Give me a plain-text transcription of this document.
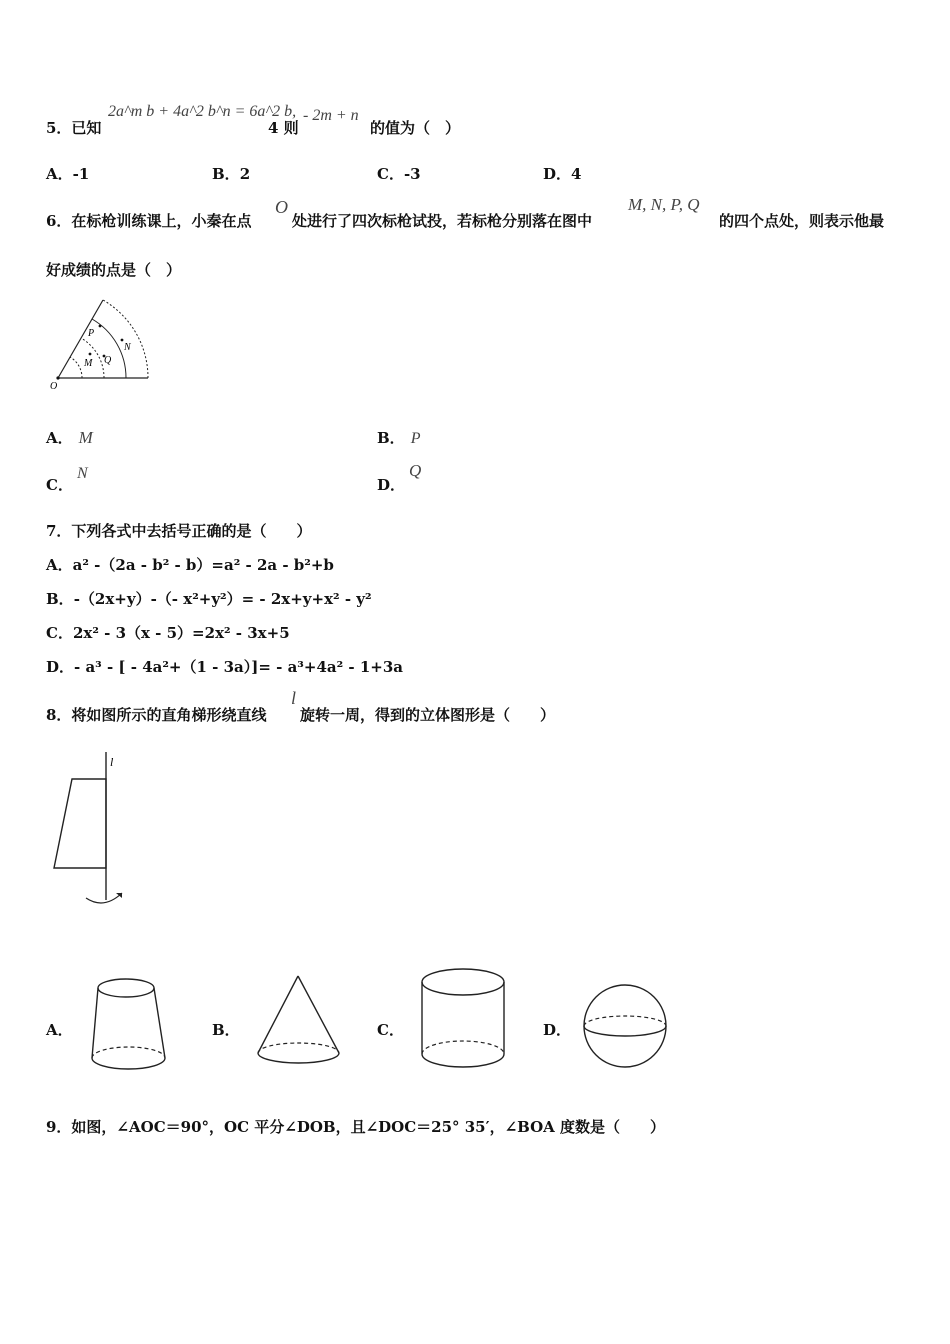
5．已知
2a^m b + 4a^2 b^n = 6a^2 b,
4 则
- 2m + n
的值为（　）
A．-1	B．2	C．-3	D．4
6．在标枪训练课上，小秦在点
O
处进行了四次标枪试投，若标枪分别落在图中
M, N, P, Q
的四个点处，则表示他最
好成绩的点是（　）
O
P
M Q
N
A． M	B． P
C．N
D．Q
7．下列各式中去括号正确的是（　　）
A．a² -（2a - b² - b）=a² - 2a - b²+b
B．-（2x+y）-（- x²+y²）= - 2x+y+x² - y²
C．2x² - 3（x - 5）=2x² - 3x+5
D．- a³ - [ - 4a²+（1 - 3a）]= - a³+4a² - 1+3a
8．将如图所示的直角梯形绕直线
l
旋转一周，得到的立体图形是（　　）
l
A．	B．	C．	D．
9．如图，∠AOC＝90°，OC 平分∠DOB，且∠DOC＝25° 35′，∠BOA 度数是（　　）
